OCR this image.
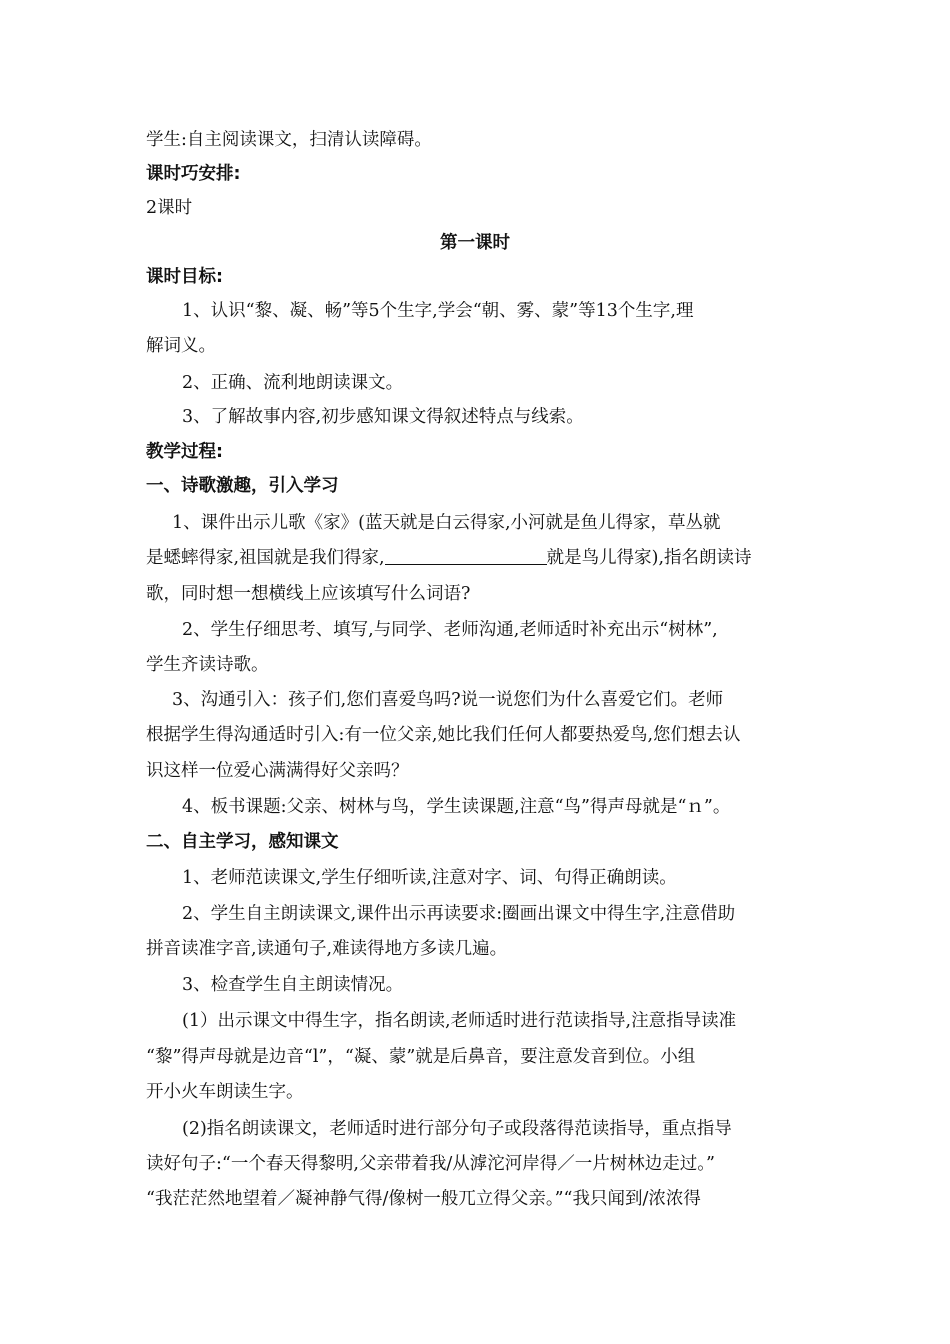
学生:自主阅读课文，扫清认读障碍。
课时巧安排:
2课时
第一课时
课时目标:
1、认识“黎、凝、畅”等5个生字,学会“朝、雾、蒙”等13个生字,理
解词义。
2、正确、流利地朗读课文。
3、了解故事内容,初步感知课文得叙述特点与线索。
教学过程:
一、诗歌激趣，引入学习
1、课件出示儿歌《家》(蓝天就是白云得家,小河就是鱼儿得家，草丛就
是蟋蟀得家,祖国就是我们得家,	就是鸟儿得家),指名朗读诗
歌，同时想一想横线上应该填写什么词语?
2、学生仔细思考、填写,与同学、老师沟通,老师适时补充出示“树林”,
学生齐读诗歌。
3、沟通引入：孩子们,您们喜爱鸟吗?说一说您们为什么喜爱它们。老师
根据学生得沟通适时引入:有一位父亲,她比我们任何人都要热爱鸟,您们想去认
识这样一位爱心满满得好父亲吗？
4、板书课题:父亲、树林与鸟，学生读课题,注意“鸟”得声母就是“ｎ”。
二、自主学习，感知课文
1、老师范读课文,学生仔细听读,注意对字、词、句得正确朗读。
2、学生自主朗读课文,课件出示再读要求:圈画出课文中得生字,注意借助
拼音读准字音,读通句子,难读得地方多读几遍。
3、检查学生自主朗读情况。
(1）出示课文中得生字，指名朗读,老师适时进行范读指导,注意指导读准
“黎”得声母就是边音“l”，“凝、蒙”就是后鼻音，要注意发音到位。小组
开小火车朗读生字。
(2)指名朗读课文，老师适时进行部分句子或段落得范读指导，重点指导
读好句子:“一个春天得黎明,父亲带着我/从滹沱河岸得／一片树林边走过。”
“我茫茫然地望着／凝神静气得/像树一般兀立得父亲。”“我只闻到/浓浓得
